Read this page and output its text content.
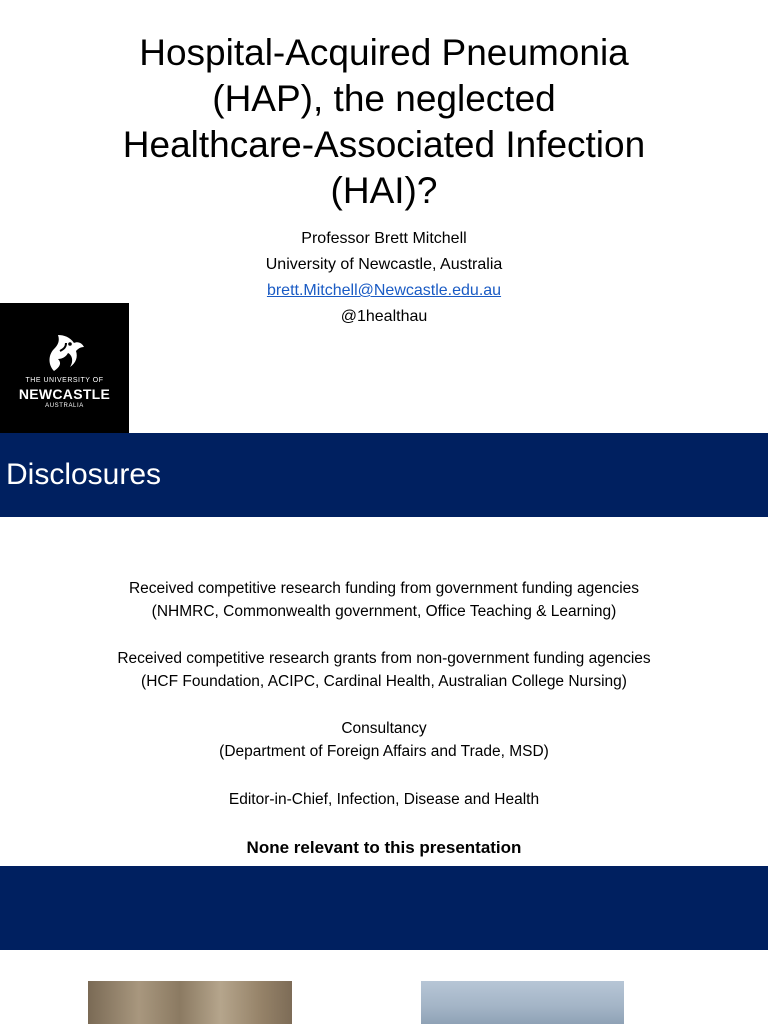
Hospital-Acquired Pneumonia
(HAP), the neglected
Healthcare-Associated Infection
(HAI)?
Professor Brett Mitchell
University of Newcastle, Australia
brett.Mitchell@Newcastle.edu.au
@1healthau
THE UNIVERSITY OF
NEWCASTLE
AUSTRALIA
Disclosures
Received competitive research funding from government funding agencies
(NHMRC, Commonwealth government, Office Teaching & Learning)
Received competitive research grants from non-government funding agencies
(HCF Foundation, ACIPC, Cardinal Health, Australian College Nursing)
Consultancy
(Department of Foreign Affairs and Trade, MSD)
Editor-in-Chief, Infection, Disease and Health
None relevant to this presentation
